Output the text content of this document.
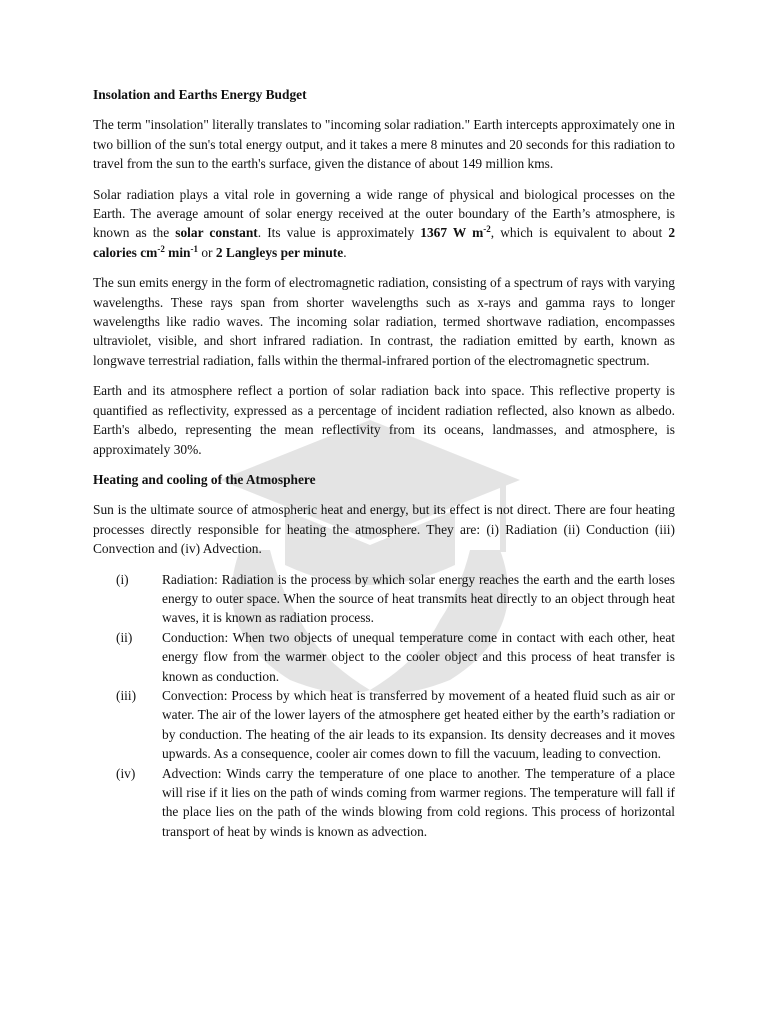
Insolation and Earths Energy Budget

The term "insolation" literally translates to "incoming solar radiation." Earth intercepts approximately one in two billion of the sun's total energy output, and it takes a mere 8 minutes and 20 seconds for this radiation to travel from the sun to the earth's surface, given the distance of about 149 million kms.

Solar radiation plays a vital role in governing a wide range of physical and biological processes on the Earth. The average amount of solar energy received at the outer boundary of the Earth’s atmosphere, is known as the solar constant. Its value is approximately 1367 W $m^{-2}$, which is equivalent to about 2 calories $cm^{-2}$ $\min^{-1}$ or 2 Langleys per minute.

The sun emits energy in the form of electromagnetic radiation, consisting of a spectrum of rays with varying wavelengths. These rays span from shorter wavelengths such as x-rays and gamma rays to longer wavelengths like radio waves. The incoming solar radiation, termed shortwave radiation, encompasses ultraviolet, visible, and short infrared radiation. In contrast, the radiation emitted by earth, known as longwave terrestrial radiation, falls within the thermal-infrared portion of the electromagnetic spectrum.

Earth and its atmosphere reflect a portion of solar radiation back into space. This reflective property is quantified as reflectivity, expressed as a percentage of incident radiation reflected, also known as albedo. Earth's albedo, representing the mean reflectivity from its oceans, landmasses, and atmosphere, is approximately 30%.

Heating and cooling of the Atmosphere

Sun is the ultimate source of atmospheric heat and energy, but its effect is not direct. There are four heating processes directly responsible for heating the atmosphere. They are: (i) Radiation (ii) Conduction (iii) Convection and (iv) Advection.

(i)	Radiation: Radiation is the process by which solar energy reaches the earth and the earth loses energy to outer space. When the source of heat transmits heat directly to an object through heat waves, it is known as radiation process.
(ii)	Conduction: When two objects of unequal temperature come in contact with each other, heat energy flow from the warmer object to the cooler object and this process of heat transfer is known as conduction.
(iii)	Convection: Process by which heat is transferred by movement of a heated fluid such as air or water. The air of the lower layers of the atmosphere get heated either by the earth’s radiation or by conduction. The heating of the air leads to its expansion. Its density decreases and it moves upwards. As a consequence, cooler air comes down to fill the vacuum, leading to convection.
(iv)	Advection: Winds carry the temperature of one place to another. The temperature of a place will rise if it lies on the path of winds coming from warmer regions. The temperature will fall if the place lies on the path of the winds blowing from cold regions. This process of horizontal transport of heat by winds is known as advection.
